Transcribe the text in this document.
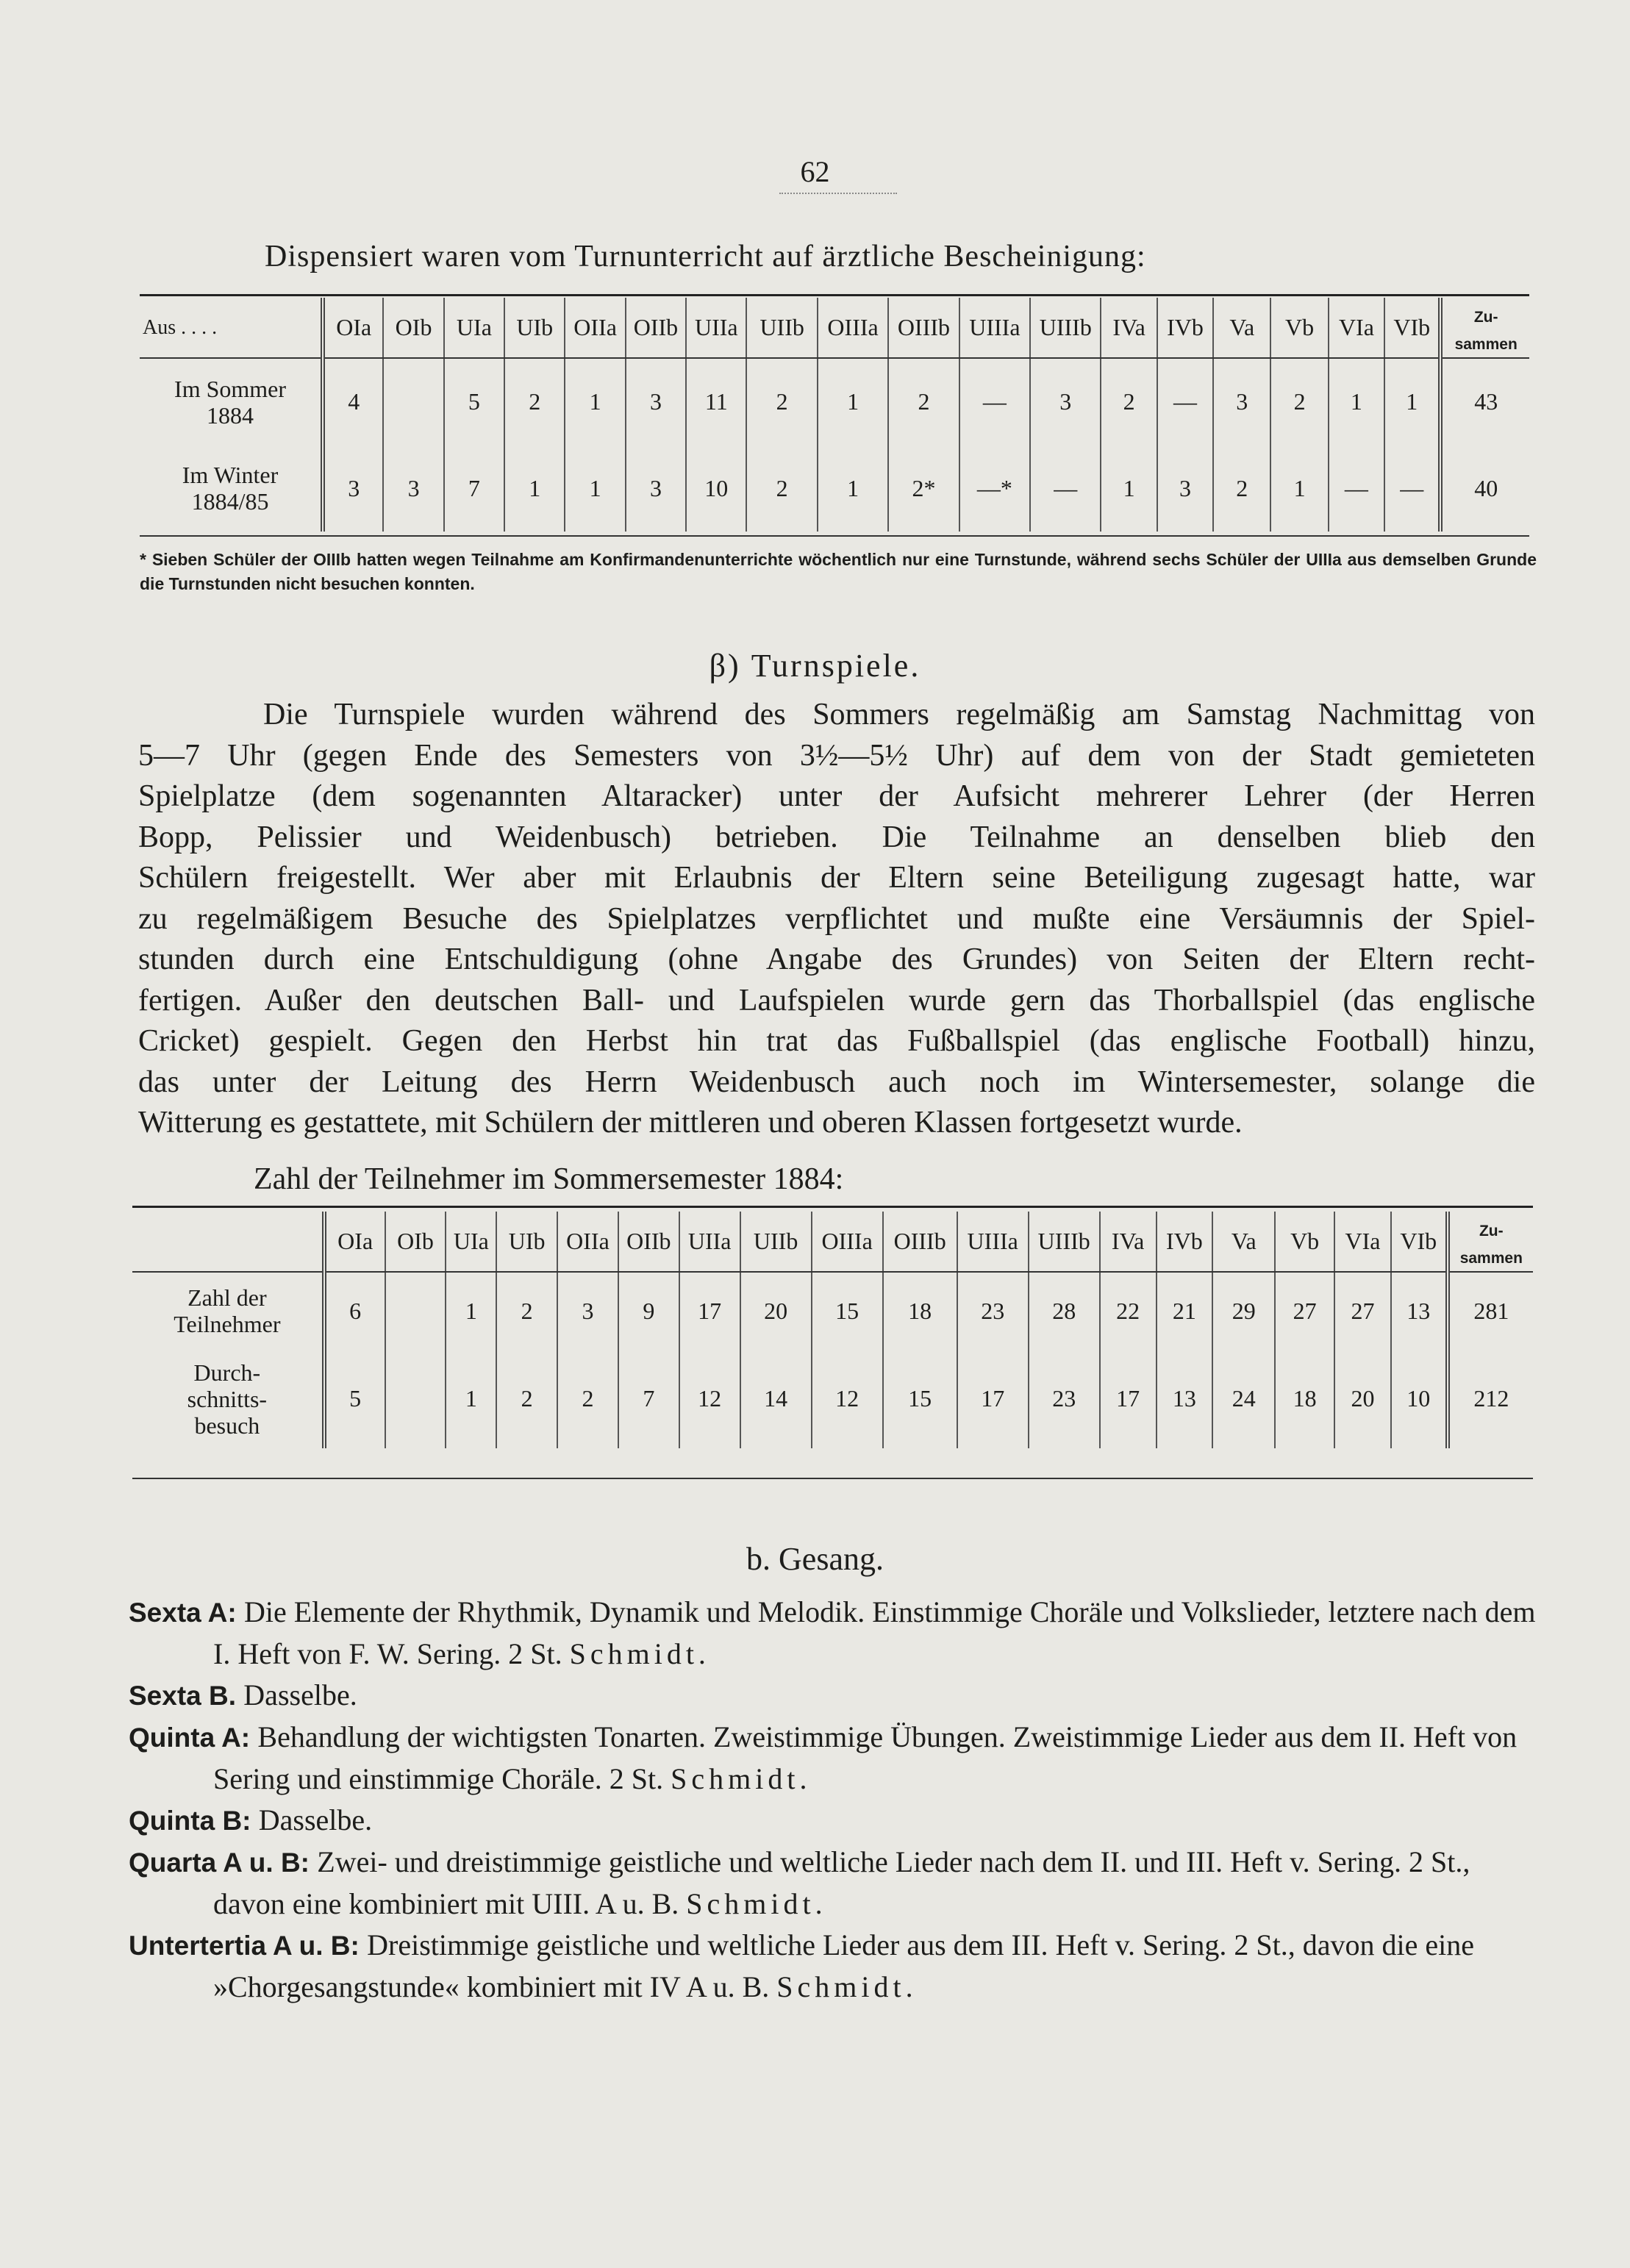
62
Dispensiert waren vom Turnunterricht auf ärztliche Bescheinigung:
Aus . . . .	OIa	OIb	UIa	UIb	OIIa	OIIb	UIIa	UIIb	OIIIa	OIIIb	UIIIa	UIIIb	IVa	IVb	Va	Vb	VIa	VIb	Zu-
sammen
Im Sommer
1884	4		5	2	1	3	11	2	1	2	—	3	2	—	3	2	1	1	43
Im Winter
1884/85	3	3	7	1	1	3	10	2	1	2*	—*	—	1	3	2	1	—	—	40
* Sieben Schüler der OIIIb hatten wegen Teilnahme am Konfirmandenunterrichte wöchentlich nur eine Turnstunde, während sechs Schüler der UIIIa aus demselben Grunde die Turnstunden nicht besuchen konnten.
β) Turnspiele.
Die Turnspiele wurden während des Sommers regelmäßig am Samstag Nachmittag von
5—7 Uhr (gegen Ende des Semesters von 3½—5½ Uhr) auf dem von der Stadt gemieteten
Spielplatze (dem sogenannten Altaracker) unter der Aufsicht mehrerer Lehrer (der Herren
Bopp, Pelissier und Weidenbusch) betrieben. Die Teilnahme an denselben blieb den
Schülern freigestellt. Wer aber mit Erlaubnis der Eltern seine Beteiligung zugesagt hatte, war
zu regelmäßigem Besuche des Spielplatzes verpflichtet und mußte eine Versäumnis der Spiel-
stunden durch eine Entschuldigung (ohne Angabe des Grundes) von Seiten der Eltern recht-
fertigen. Außer den deutschen Ball- und Laufspielen wurde gern das Thorballspiel (das englische
Cricket) gespielt. Gegen den Herbst hin trat das Fußballspiel (das englische Football) hinzu,
das unter der Leitung des Herrn Weidenbusch auch noch im Wintersemester, solange die
Witterung es gestattete, mit Schülern der mittleren und oberen Klassen fortgesetzt wurde.
Zahl der Teilnehmer im Sommersemester 1884:
	OIa	OIb	UIa	UIb	OIIa	OIIb	UIIa	UIIb	OIIIa	OIIIb	UIIIa	UIIIb	IVa	IVb	Va	Vb	VIa	VIb	Zu-
sammen
Zahl der
Teilnehmer	6		1	2	3	9	17	20	15	18	23	28	22	21	29	27	27	13	281
Durch-
schnitts-
besuch	5		1	2	2	7	12	14	12	15	17	23	17	13	24	18	20	10	212
b. Gesang.
Sexta A: Die Elemente der Rhythmik, Dynamik und Melodik. Einstimmige Choräle und Volkslieder, letztere nach dem I. Heft von F. W. Sering. 2 St. Schmidt.
Sexta B. Dasselbe.
Quinta A: Behandlung der wichtigsten Tonarten. Zweistimmige Übungen. Zweistimmige Lieder aus dem II. Heft von Sering und einstimmige Choräle. 2 St. Schmidt.
Quinta B: Dasselbe.
Quarta A u. B: Zwei- und dreistimmige geistliche und weltliche Lieder nach dem II. und III. Heft v. Sering. 2 St., davon eine kombiniert mit UIII. A u. B. Schmidt.
Untertertia A u. B: Dreistimmige geistliche und weltliche Lieder aus dem III. Heft v. Sering. 2 St., davon die eine »Chorgesangstunde« kombiniert mit IV A u. B. Schmidt.
